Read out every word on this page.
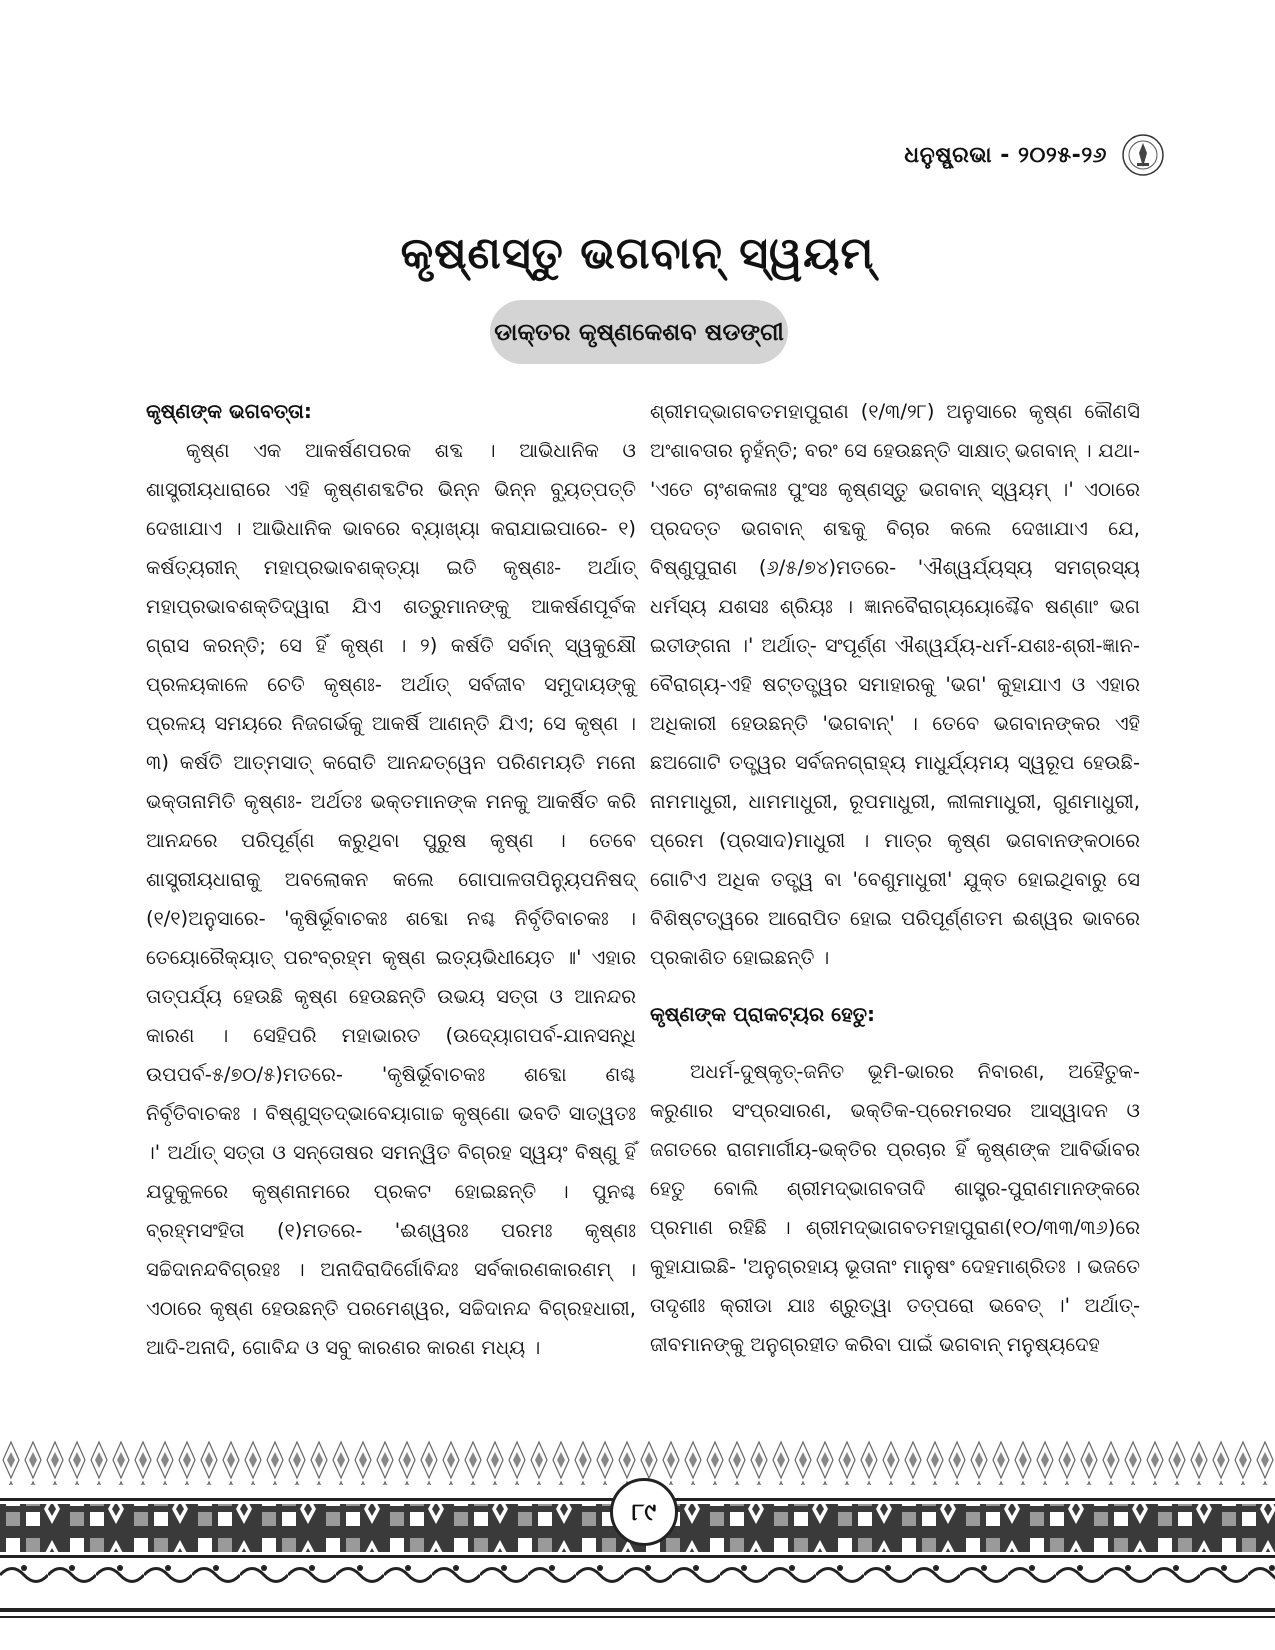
ଧନୁଷ୍ପ୍ରଭା - ୨୦୨୫-୨୬
କୃଷ୍ଣସ୍ତୁ ଭଗବାନ୍ ସ୍ୱୟମ୍
ଡାକ୍ତର କୃଷ୍ଣକେଶବ ଷଡଙ୍ଗୀ

କୃଷ୍ଣଙ୍କ ଭଗବତ୍ତା:

କୃଷ୍ଣ ଏକ ଆକର୍ଷଣପରକ ଶବ୍ଦ । ଆଭିଧାନିକ ଓ ଶାସ୍ତ୍ରୀୟଧାରାରେ ଏହି କୃଷ୍ଣଶବ୍ଦଟିର ଭିନ୍ନ ଭିନ୍ନ ବ୍ୟୁତ୍ପତ୍ତି ଦେଖାଯାଏ । ଆଭିଧାନିକ ଭାବରେ ବ୍ୟାଖ୍ୟା କରାଯାଇପାରେ- ୧) କର୍ଷତ୍ୟରୀନ୍ ମହାପ୍ରଭାବଶକ୍ତ୍ୟା ଇତି କୃଷ୍ଣଃ- ଅର୍ଥାତ୍ ମହାପ୍ରଭାବଶକ୍ତିଦ୍ୱାରା ଯିଏ ଶତ୍ରୁମାନଙ୍କୁ ଆକର୍ଷଣପୂର୍ବକ ଗ୍ରାସ କରନ୍ତି; ସେ ହିଁ କୃଷ୍ଣ । ୨) କର୍ଷତି ସର୍ବାନ୍ ସ୍ୱକୁକ୍ଷୌ ପ୍ରଳୟକାଳେ ଚେତି କୃଷ୍ଣଃ- ଅର୍ଥାତ୍ ସର୍ବଜୀବ ସମୁଦାୟଙ୍କୁ ପ୍ରଳୟ ସମୟରେ ନିଜଗର୍ଭକୁ ଆକର୍ଷି ଆଣନ୍ତି ଯିଏ; ସେ କୃଷ୍ଣ । ୩) କର୍ଷତି ଆତ୍ମସାତ୍ କରୋତି ଆନନ୍ଦତ୍ୱେନ ପରିଣମୟତି ମନୋ ଭକ୍ତାନାମିତି କୃଷ୍ଣଃ- ଅର୍ଥତଃ ଭକ୍ତମାନଙ୍କ ମନକୁ ଆକର୍ଷିତ କରି ଆନନ୍ଦରେ ପରିପୂର୍ଣ୍ଣ କରୁଥିବା ପୁରୁଷ କୃଷ୍ଣ । ତେବେ ଶାସ୍ତ୍ରୀୟଧାରାକୁ ଅବଲୋକନ କଲେ ଗୋପାଳତାପିନ୍ୟୁପନିଷଦ୍ (୧/୧)ଅନୁସାରେ- 'କୃଷିର୍ଭୂବାଚକଃ ଶବ୍ଦୋ ନଶ୍ଚ ନିର୍ବୃତିବାଚକଃ । ତେୟୋରୈକ୍ୟାତ୍ ପରଂବ୍ରହ୍ମ କୃଷ୍ଣ ଇତ୍ୟଭିଧୀୟେତ ॥' ଏହାର ତାତ୍ପର୍ଯ୍ୟ ହେଉଛି କୃଷ୍ଣ ହେଉଛନ୍ତି ଉଭୟ ସତ୍ତା ଓ ଆନନ୍ଦର କାରଣ । ସେହିପରି ମହାଭାରତ (ଉଦ୍ୟୋଗପର୍ବ-ଯାନସନ୍ଧି ଉପପର୍ବ-୫/୭୦/୫)ମତରେ- 'କୃଷିର୍ଭୂବାଚକଃ ଶବ୍ଦୋ ଣଶ୍ଚ ନିର୍ବୃତିବାଚକଃ । ବିଷ୍ଣୁସ୍ତଦ୍ଭାବେୟାଗାଚ୍ଚ କୃଷ୍ଣୋ ଭବତି ସାତ୍ୱତଃ ।' ଅର୍ଥାତ୍ ସତ୍ତା ଓ ସନ୍ତୋଷର ସମନ୍ୱିତ ବିଗ୍ରହ ସ୍ୱୟଂ ବିଷ୍ଣୁ ହିଁ ଯଦୁକୁଳରେ କୃଷ୍ଣନାମରେ ପ୍ରକଟ ହୋଇଛନ୍ତି । ପୁନଶ୍ଚ ବ୍ରହ୍ମସଂହିତା (୧)ମତରେ- 'ଈଶ୍ୱରଃ ପରମଃ କୃଷ୍ଣଃ ସଚ୍ଚିଦାନନ୍ଦବିଗ୍ରହଃ । ଅନାଦିରାଦିର୍ଗୋବିନ୍ଦଃ ସର୍ବକାରଣକାରଣମ୍ । ଏଠାରେ କୃଷ୍ଣ ହେଉଛନ୍ତି ପରମେଶ୍ୱର, ସଚ୍ଚିଦାନନ୍ଦ ବିଗ୍ରହଧାରୀ, ଆଦି-ଅନାଦି, ଗୋବିନ୍ଦ ଓ ସବୁ କାରଣର କାରଣ ମଧ୍ୟ ।

ଶ୍ରୀମଦ୍ଭାଗବତମହାପୁରାଣ (୧/୩/୨୮) ଅନୁସାରେ କୃଷ୍ଣ କୌଣସି ଅଂଶାବତାର ନୁହଁନ୍ତି; ବରଂ ସେ ହେଉଛନ୍ତି ସାକ୍ଷାତ୍ ଭଗବାନ୍ । ଯଥା- 'ଏତେ ଚାଂଶକଳାଃ ପୁଂସଃ କୃଷ୍ଣସ୍ତୁ ଭଗବାନ୍ ସ୍ୱୟମ୍ ।' ଏଠାରେ ପ୍ରଦତ୍ତ ଭଗବାନ୍ ଶବ୍ଦକୁ ବିଚାର କଲେ ଦେଖାଯାଏ ଯେ, ବିଷ୍ଣୁପୁରାଣ (୬/୫/୭୪)ମତରେ- 'ଐଶ୍ୱର୍ଯ୍ୟସ୍ୟ ସମଗ୍ରସ୍ୟ ଧର୍ମସ୍ୟ ଯଶସଃ ଶ୍ରିୟଃ । ଜ୍ଞାନବୈରାଗ୍ୟୟୋଶ୍ଚୈବ ଷଣ୍ଣାଂ ଭଗ ଇତୀଙ୍ଗନା ।' ଅର୍ଥାତ୍- ସଂପୂର୍ଣ୍ଣ ଐଶ୍ୱର୍ଯ୍ୟ-ଧର୍ମ-ଯଶଃ-ଶ୍ରୀ-ଜ୍ଞାନ-ବୈରାଗ୍ୟ-ଏହି ଷଟ୍ତତ୍ତ୍ୱର ସମାହାରକୁ 'ଭଗ' କୁହାଯାଏ ଓ ଏହାର ଅଧିକାରୀ ହେଉଛନ୍ତି 'ଭଗବାନ୍' । ତେବେ ଭଗବାନଙ୍କର ଏହି ଛଅଗୋଟି ତତ୍ତ୍ୱର ସର୍ବଜନଗ୍ରାହ୍ୟ ମାଧୁର୍ଯ୍ୟମୟ ସ୍ୱରୂପ ହେଉଛି- ନାମମାଧୁରୀ, ଧାମମାଧୁରୀ, ରୂପମାଧୁରୀ, ଲୀଳାମାଧୁରୀ, ଗୁଣମାଧୁରୀ, ପ୍ରେମ (ପ୍ରସାଦ)ମାଧୁରୀ । ମାତ୍ର କୃଷ୍ଣ ଭଗବାନଙ୍କଠାରେ ଗୋଟିଏ ଅଧିକ ତତ୍ତ୍ୱ ବା 'ବେଣୁମାଧୁରୀ' ଯୁକ୍ତ ହୋଇଥିବାରୁ ସେ ବିଶିଷ୍ଟତ୍ୱରେ ଆରୋପିତ ହୋଇ ପରିପୂର୍ଣ୍ଣତମ ଈଶ୍ୱର ଭାବରେ ପ୍ରକାଶିତ ହୋଇଛନ୍ତି ।

କୃଷ୍ଣଙ୍କ ପ୍ରାକଟ୍ୟର ହେତୁ:

ଅଧର୍ମ-ଦୁଷ୍କୃତ୍-ଜନିତ ଭୂମି-ଭାରର ନିବାରଣ, ଅହୈତୁକ-କରୁଣାର ସଂପ୍ରସାରଣ, ଭକ୍ତିକ-ପ୍ରେମରସର ଆସ୍ୱାଦନ ଓ ଜଗତରେ ରାଗମାର୍ଗୀୟ-ଭକ୍ତିର ପ୍ରଚାର ହିଁ କୃଷ୍ଣଙ୍କ ଆବିର୍ଭାବର ହେତୁ ବୋଲି ଶ୍ରୀମଦ୍ଭାଗବତାଦି ଶାସ୍ତ୍ର-ପୁରାଣମାନଙ୍କରେ ପ୍ରମାଣ ରହିଛି । ଶ୍ରୀମଦ୍ଭାଗବତମହାପୁରାଣ(୧୦/୩୩/୩୬)ରେ କୁହାଯାଇଛି- 'ଅନୁଗ୍ରହାୟ ଭୂତାନାଂ ମାନୁଷଂ ଦେହମାଶ୍ରିତଃ । ଭଜତେ ତାଦୃଶୀଃ କ୍ରୀଡା ଯାଃ ଶ୍ରୁତ୍ୱା ତତ୍ପରୋ ଭବେତ୍ ।' ଅର୍ଥାତ୍- ଜୀବମାନଙ୍କୁ ଅନୁଗ୍ରହୀତ କରିବା ପାଇଁ ଭଗବାନ୍ ମନୁଷ୍ୟଦେହ

୮୯
